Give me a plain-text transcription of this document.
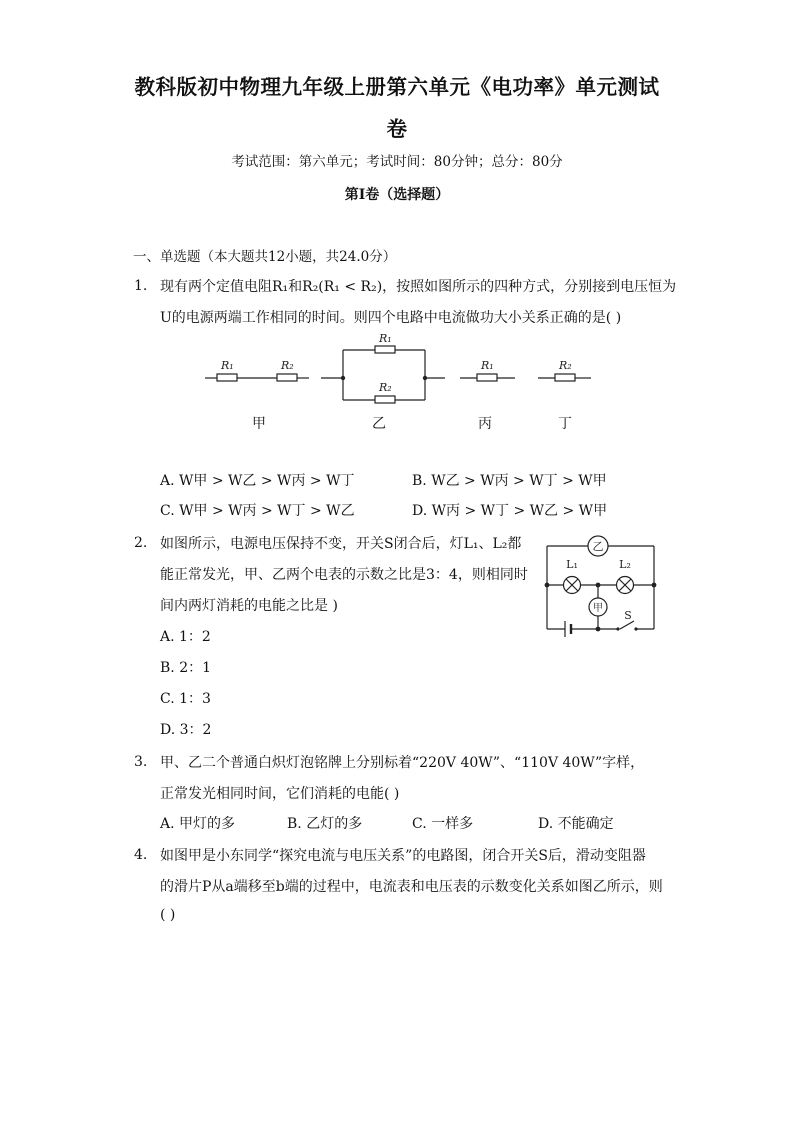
教科版初中物理九年级上册第六单元《电功率》单元测试
卷
考试范围：第六单元；考试时间：80分钟；总分：80分
第Ⅰ卷（选择题）
一、单选题（本大题共12小题，共24.0分）
1. 现有两个定值电阻R₁和R₂(R₁ < R₂)，按照如图所示的四种方式，分别接到电压恒为
U的电源两端工作相同的时间。则四个电路中电流做功大小关系正确的是( )
R₁	R₂
R₁
R₂
R₁	R₂
甲	乙	丙	丁
A. W甲 > W乙 > W丙 > W丁	B. W乙 > W丙 > W丁 > W甲
C. W甲 > W丙 > W丁 > W乙	D. W丙 > W丁 > W乙 > W甲
2. 如图所示，电源电压保持不变，开关S闭合后，灯L₁、L₂都
能正常发光，甲、乙两个电表的示数之比是3：4，则相同时
间内两灯消耗的电能之比是 )
乙
甲
L₁	L₂
S
A. 1：2
B. 2：1
C. 1：3
D. 3：2
3. 甲、乙二个普通白炽灯泡铭牌上分别标着“220V 40W”、“110V 40W”字样，
正常发光相同时间，它们消耗的电能( )
A. 甲灯的多	B. 乙灯的多	C. 一样多	D. 不能确定
4. 如图甲是小东同学“探究电流与电压关系”的电路图，闭合开关S后，滑动变阻器
的滑片P从a端移至b端的过程中，电流表和电压表的示数变化关系如图乙所示，则
( )
